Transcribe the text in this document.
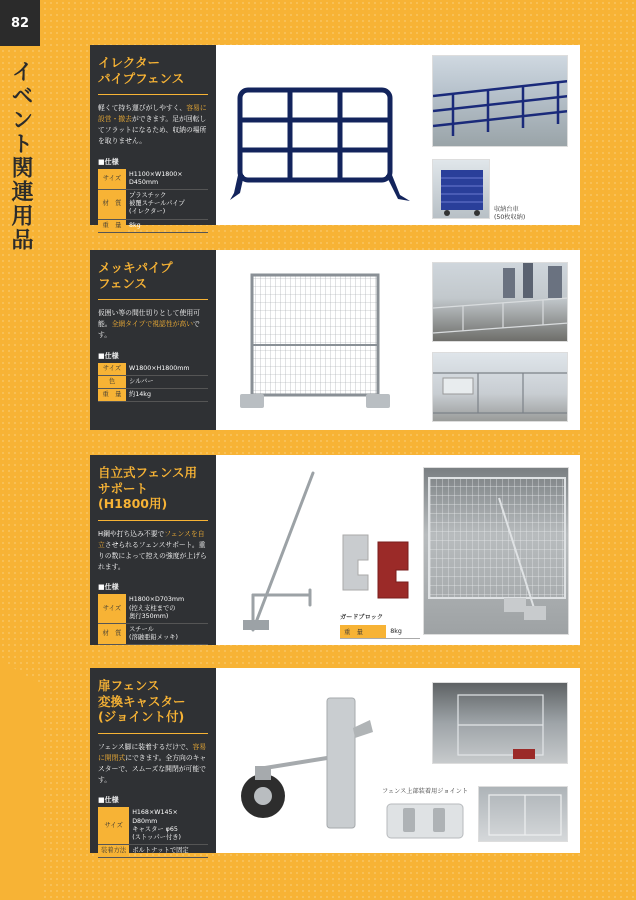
82
イベント関連用品	イレクター
パイプフェンス

軽くて持ち運びがしやすく、容易に設営・撤去ができます。足が回転してフラットになるため、収納の場所を取りません。

■仕様
サイズ	H1100×W1800×
D450mm
材　質	プラスチック
被覆スチールパイプ
(イレクター)
重　量	8kg
収納台車
(50枚収納)
メッキパイプ
フェンス

仮囲い等の間仕切りとして使用可能。全網タイプで視認性が高いです。

■仕様
サイズ	W1800×H1800mm
色	シルバー
重　量	約14kg
自立式フェンス用
サポート
(H1800用)

H鋼や打ち込み不要でフェンスを自立させられるフェンスサポート。重りの数によって控えの強度が上げられます。

■仕様
サイズ	H1800×D703mm
(控え支柱までの
奥行350mm)
材　質	スチール
(溶融亜鉛メッキ)
ガードブロック
重　量	8kg
扉フェンス
変換キャスター
(ジョイント付)

フェンス脚に装着するだけで、容易に開閉式にできます。全方向のキャスターで、スムーズな開閉が可能です。

■仕様
サイズ	H168×W145×
D80mm
キャスター φ65
(ストッパー付き)
装着方法	ボルトナットで固定
フェンス上部装着用ジョイント
